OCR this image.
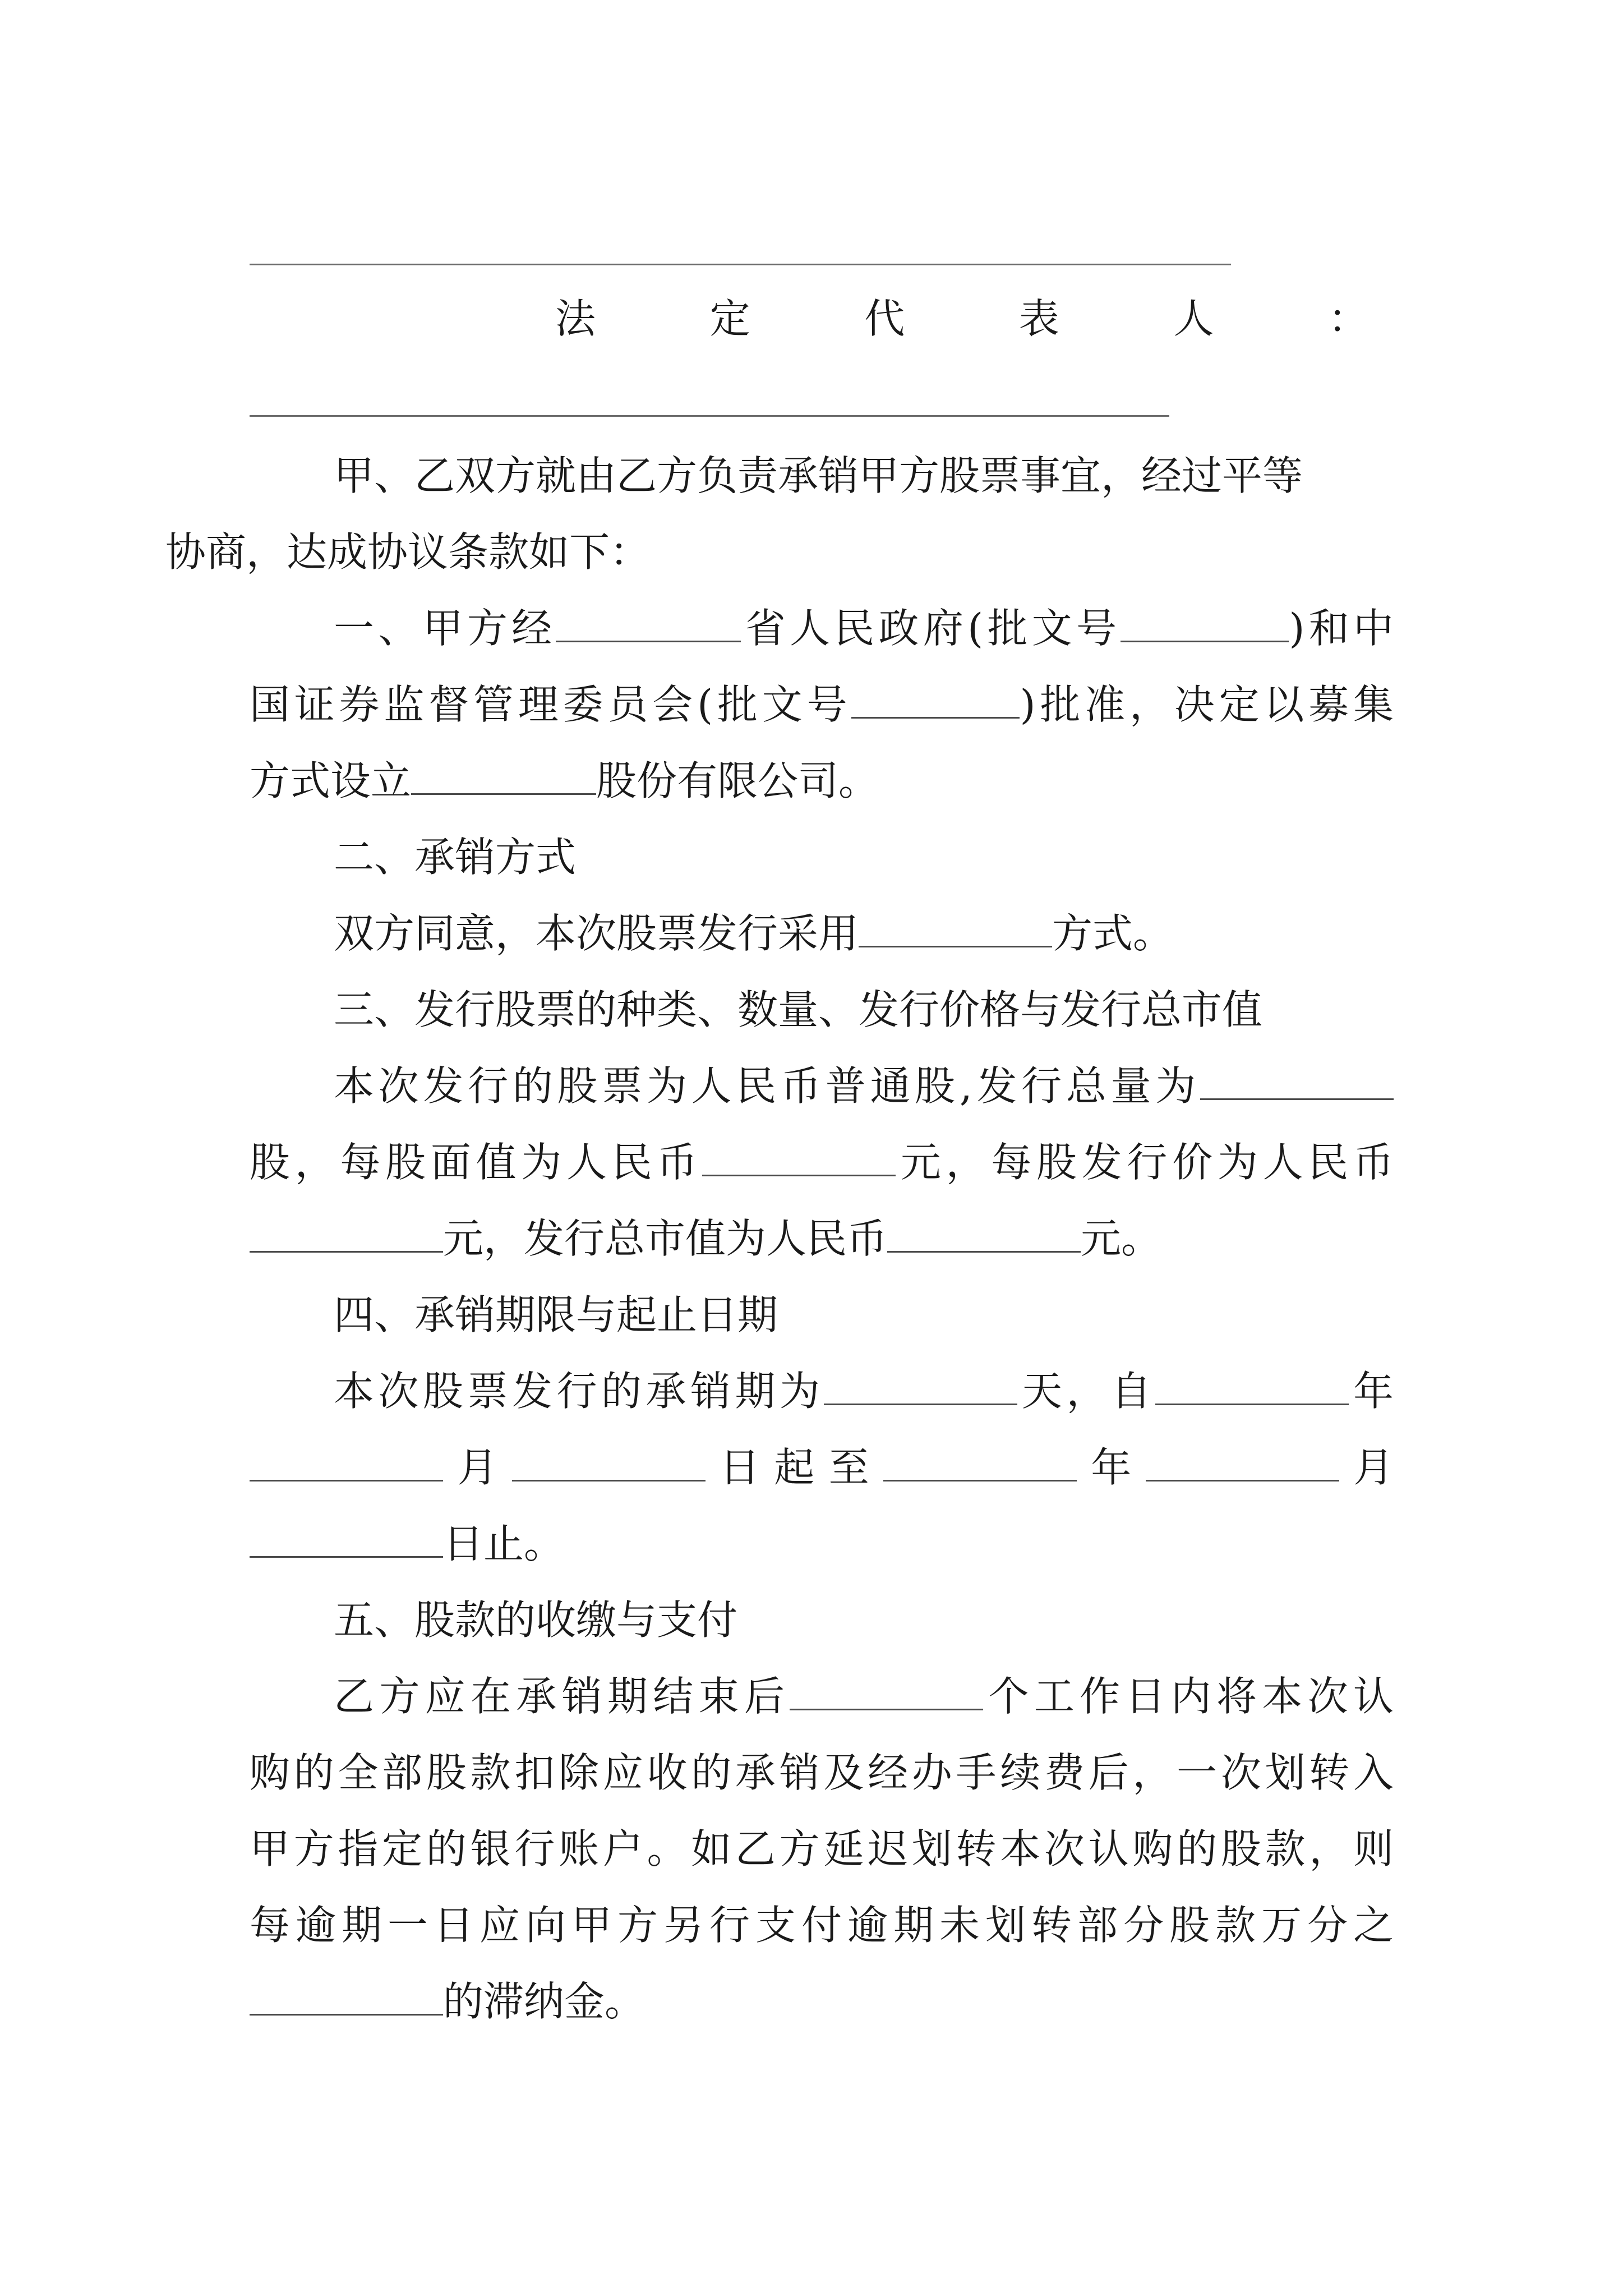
法	定	代	表	人	：

甲、乙双方就由乙方负责承销甲方股票事宜，经过平等
协商，达成协议条款如下：

一、甲方经	省人民政府(批文号	)和中
国证券监督管理委员会(批文号	)批准，决定以募集
方式设立	股份有限公司。

二、承销方式

双方同意，本次股票发行采用	方式。

三、发行股票的种类、数量、发行价格与发行总市值

本次发行的股票为人民币普通股,发行总量为
股，每股面值为人民币	元，每股发行价为人民币
元，发行总市值为人民币	元。

四、承销期限与起止日期

本次股票发行的承销期为	天，自	年
月	日起至	年	月
日止。

五、股款的收缴与支付

乙方应在承销期结束后	个工作日内将本次认
购的全部股款扣除应收的承销及经办手续费后，一次划转入
甲方指定的银行账户。如乙方延迟划转本次认购的股款，则
每逾期一日应向甲方另行支付逾期未划转部分股款万分之
的滞纳金。
